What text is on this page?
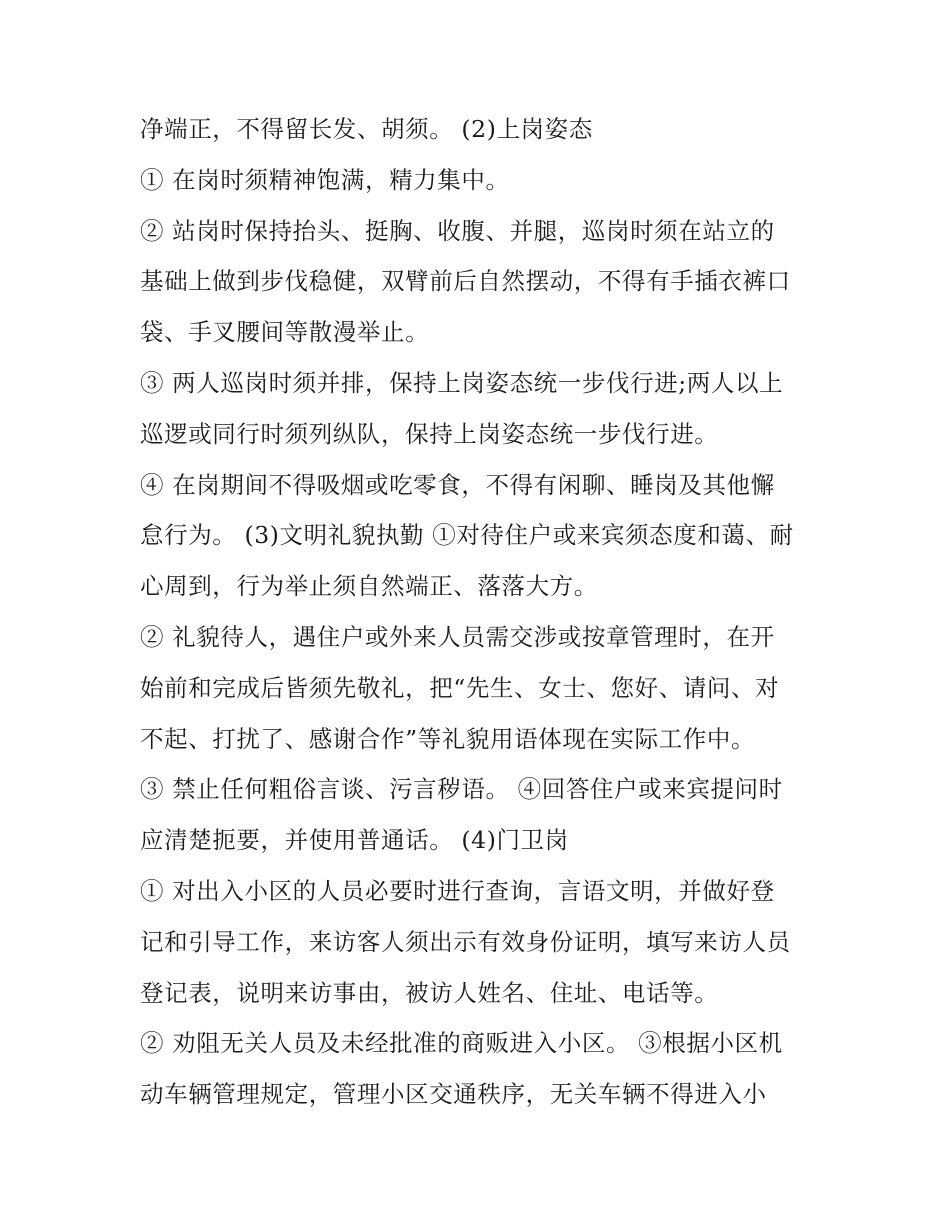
净端正，不得留长发、胡须。 (2)上岗姿态
① 在岗时须精神饱满，精力集中。
② 站岗时保持抬头、挺胸、收腹、并腿，巡岗时须在站立的
基础上做到步伐稳健，双臂前后自然摆动，不得有手插衣裤口
袋、手叉腰间等散漫举止。
③ 两人巡岗时须并排，保持上岗姿态统一步伐行进;两人以上
巡逻或同行时须列纵队，保持上岗姿态统一步伐行进。
④ 在岗期间不得吸烟或吃零食，不得有闲聊、睡岗及其他懈
怠行为。 (3)文明礼貌执勤 ①对待住户或来宾须态度和蔼、耐
心周到，行为举止须自然端正、落落大方。
② 礼貌待人，遇住户或外来人员需交涉或按章管理时，在开
始前和完成后皆须先敬礼，把“先生、女士、您好、请问、对
不起、打扰了、感谢合作”等礼貌用语体现在实际工作中。
③ 禁止任何粗俗言谈、污言秽语。 ④回答住户或来宾提问时
应清楚扼要，并使用普通话。 (4)门卫岗
① 对出入小区的人员必要时进行查询，言语文明，并做好登
记和引导工作，来访客人须出示有效身份证明，填写来访人员
登记表，说明来访事由，被访人姓名、住址、电话等。
② 劝阻无关人员及未经批准的商贩进入小区。 ③根据小区机
动车辆管理规定，管理小区交通秩序，无关车辆不得进入小
